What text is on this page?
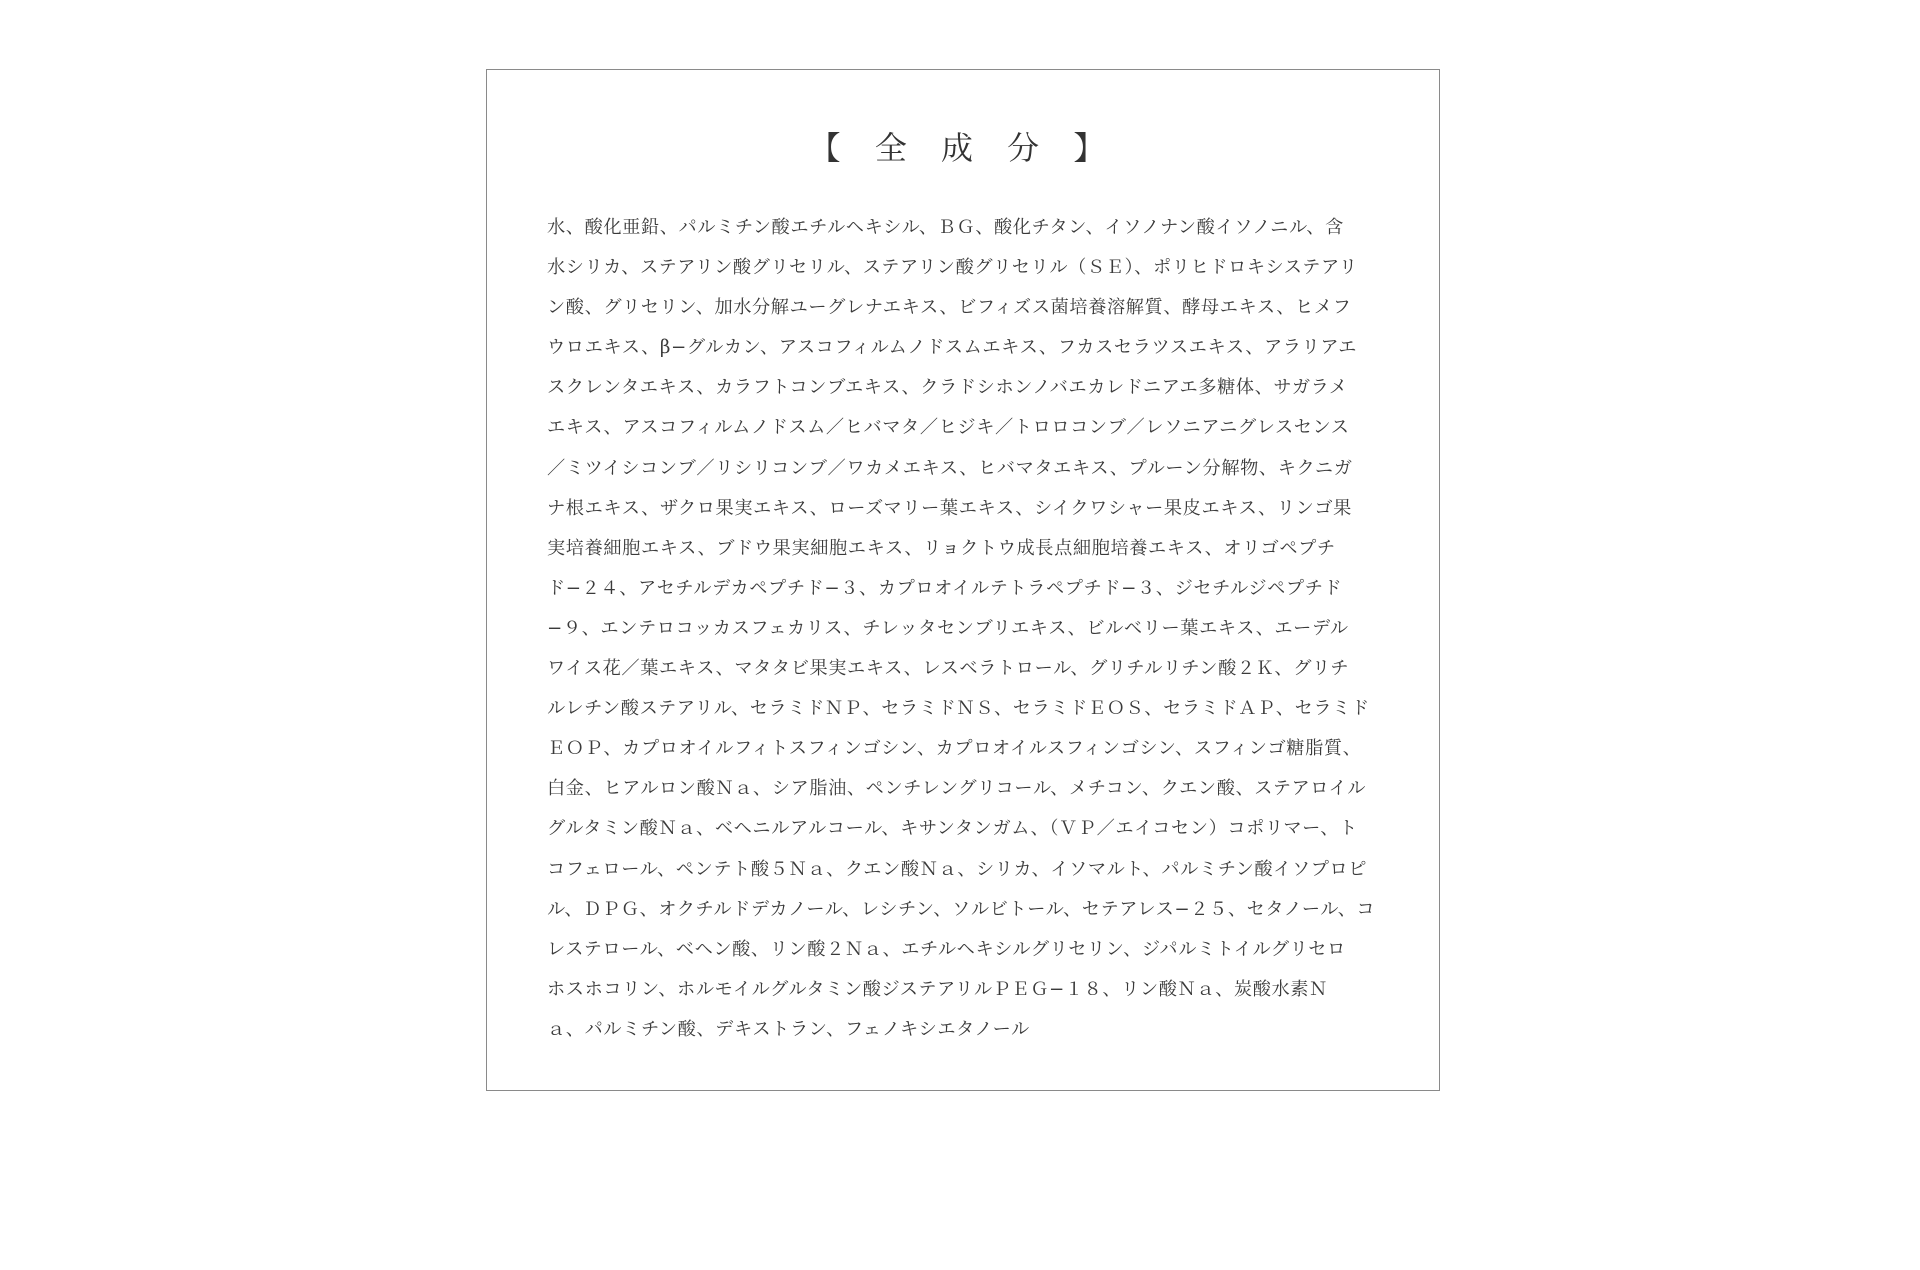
【 全 成 分 】
水、酸化亜鉛、パルミチン酸エチルヘキシル、ＢＧ、酸化チタン、イソノナン酸イソノニル、含
水シリカ、ステアリン酸グリセリル、ステアリン酸グリセリル（ＳＥ）、ポリヒドロキシステアリ
ン酸、グリセリン、加水分解ユーグレナエキス、ビフィズス菌培養溶解質、酵母エキス、ヒメフ
ウロエキス、β−グルカン、アスコフィルムノドスムエキス、フカスセラツスエキス、アラリアエ
スクレンタエキス、カラフトコンブエキス、クラドシホンノバエカレドニアエ多糖体、サガラメ
エキス、アスコフィルムノドスム／ヒバマタ／ヒジキ／トロロコンブ／レソニアニグレスセンス
／ミツイシコンブ／リシリコンブ／ワカメエキス、ヒバマタエキス、プルーン分解物、キクニガ
ナ根エキス、ザクロ果実エキス、ローズマリー葉エキス、シイクワシャー果皮エキス、リンゴ果
実培養細胞エキス、ブドウ果実細胞エキス、リョクトウ成長点細胞培養エキス、オリゴペプチ
ド−２４、アセチルデカペプチド−３、カプロオイルテトラペプチド−３、ジセチルジペプチド
−９、エンテロコッカスフェカリス、チレッタセンブリエキス、ビルベリー葉エキス、エーデル
ワイス花／葉エキス、マタタビ果実エキス、レスベラトロール、グリチルリチン酸２Ｋ、グリチ
ルレチン酸ステアリル、セラミドＮＰ、セラミドＮＳ、セラミドＥＯＳ、セラミドＡＰ、セラミド
ＥＯＰ、カプロオイルフィトスフィンゴシン、カプロオイルスフィンゴシン、スフィンゴ糖脂質、
白金、ヒアルロン酸Ｎａ、シア脂油、ペンチレングリコール、メチコン、クエン酸、ステアロイル
グルタミン酸Ｎａ、ベヘニルアルコール、キサンタンガム、（ＶＰ／エイコセン）コポリマー、ト
コフェロール、ペンテト酸５Ｎａ、クエン酸Ｎａ、シリカ、イソマルト、パルミチン酸イソプロピ
ル、ＤＰＧ、オクチルドデカノール、レシチン、ソルビトール、セテアレス−２５、セタノール、コ
レステロール、ベヘン酸、リン酸２Ｎａ、エチルヘキシルグリセリン、ジパルミトイルグリセロ
ホスホコリン、ホルモイルグルタミン酸ジステアリルＰＥＧ−１８、リン酸Ｎａ、炭酸水素Ｎ
ａ、パルミチン酸、デキストラン、フェノキシエタノール
